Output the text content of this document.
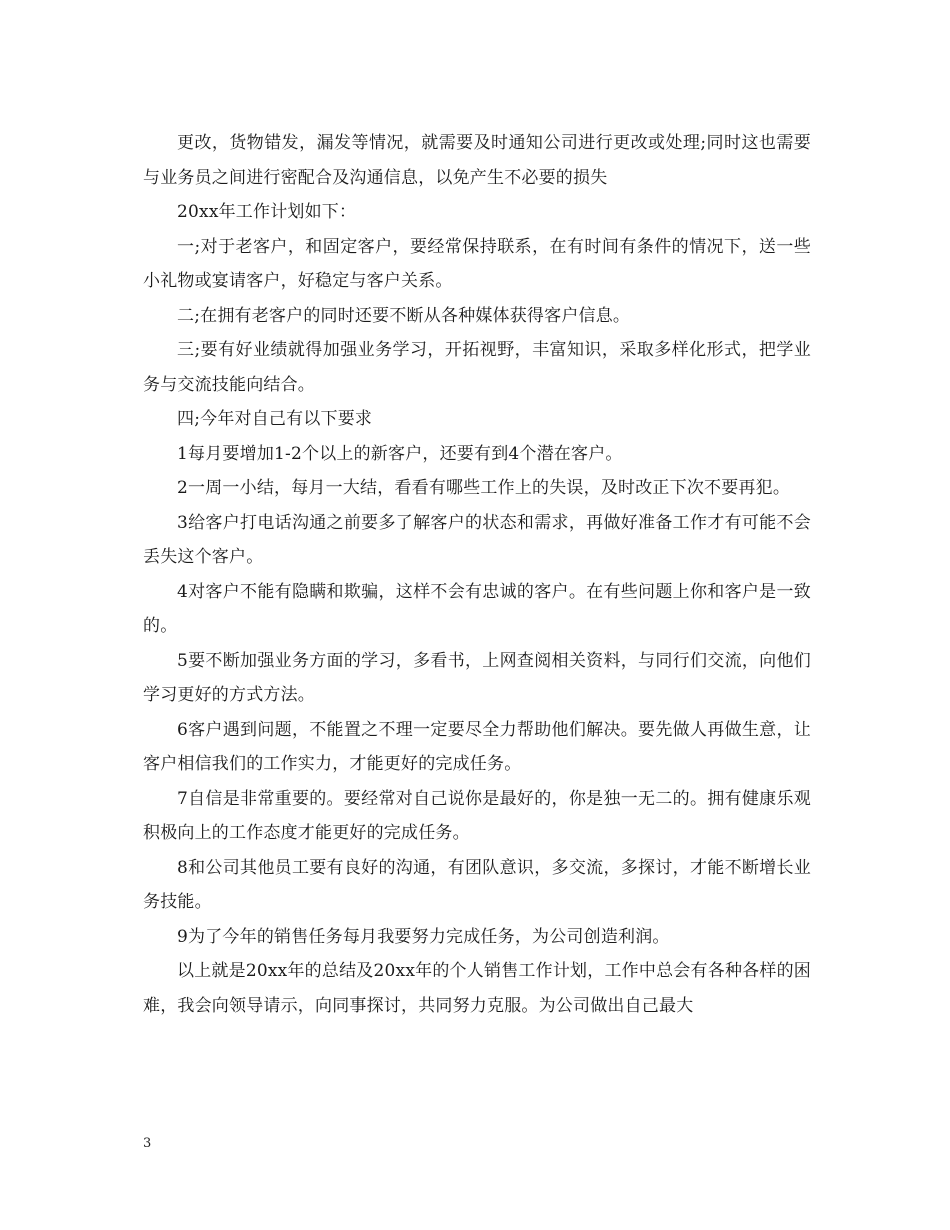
更改，货物错发，漏发等情况，就需要及时通知公司进行更改或处理;同时这也需要与业务员之间进行密配合及沟通信息，以免产生不必要的损失

20xx年工作计划如下：

一;对于老客户，和固定客户，要经常保持联系，在有时间有条件的情况下，送一些小礼物或宴请客户，好稳定与客户关系。

二;在拥有老客户的同时还要不断从各种媒体获得客户信息。

三;要有好业绩就得加强业务学习，开拓视野，丰富知识，采取多样化形式，把学业务与交流技能向结合。

四;今年对自己有以下要求

1每月要增加1-2个以上的新客户，还要有到4个潜在客户。

2一周一小结，每月一大结，看看有哪些工作上的失误，及时改正下次不要再犯。

3给客户打电话沟通之前要多了解客户的状态和需求，再做好准备工作才有可能不会丢失这个客户。

4对客户不能有隐瞒和欺骗，这样不会有忠诚的客户。在有些问题上你和客户是一致的。

5要不断加强业务方面的学习，多看书，上网查阅相关资料，与同行们交流，向他们学习更好的方式方法。

6客户遇到问题，不能置之不理一定要尽全力帮助他们解决。要先做人再做生意，让客户相信我们的工作实力，才能更好的完成任务。

7自信是非常重要的。要经常对自己说你是最好的，你是独一无二的。拥有健康乐观积极向上的工作态度才能更好的完成任务。

8和公司其他员工要有良好的沟通，有团队意识，多交流，多探讨，才能不断增长业务技能。

9为了今年的销售任务每月我要努力完成任务，为公司创造利润。

以上就是20xx年的总结及20xx年的个人销售工作计划，工作中总会有各种各样的困难，我会向领导请示，向同事探讨，共同努力克服。为公司做出自己最大

3
